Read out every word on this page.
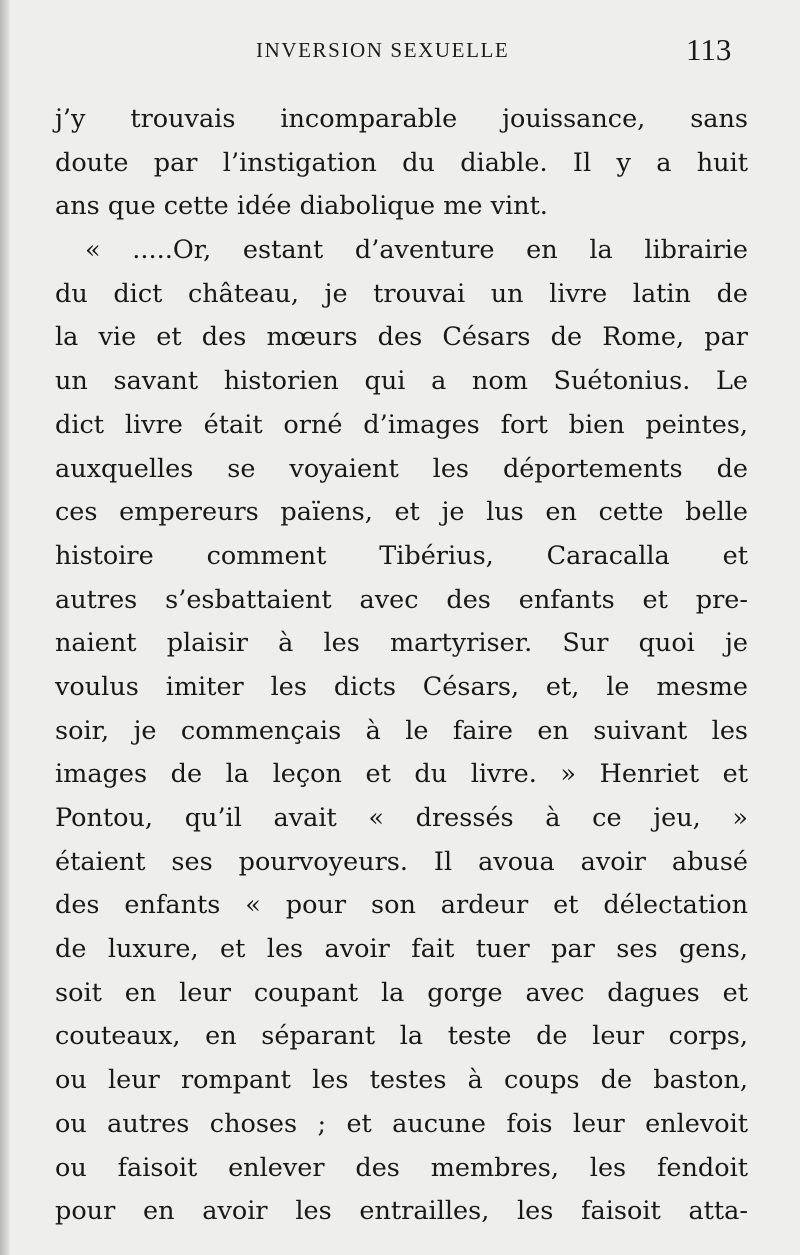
INVERSION SEXUELLE	113
j’y trouvais incomparable jouissance, sans
doute par l’instigation du diable. Il y a huit
ans que cette idée diabolique me vint.
« .....Or, estant d’aventure en la librairie
du dict château, je trouvai un livre latin de
la vie et des mœurs des Césars de Rome, par
un savant historien qui a nom Suétonius. Le
dict livre était orné d’images fort bien peintes,
auxquelles se voyaient les déportements de
ces empereurs païens, et je lus en cette belle
histoire comment Tibérius, Caracalla et
autres s’esbattaient avec des enfants et pre-
naient plaisir à les martyriser. Sur quoi je
voulus imiter les dicts Césars, et, le mesme
soir, je commençais à le faire en suivant les
images de la leçon et du livre. » Henriet et
Pontou, qu’il avait « dressés à ce jeu, »
étaient ses pourvoyeurs. Il avoua avoir abusé
des enfants « pour son ardeur et délectation
de luxure, et les avoir fait tuer par ses gens,
soit en leur coupant la gorge avec dagues et
couteaux, en séparant la teste de leur corps,
ou leur rompant les testes à coups de baston,
ou autres choses ; et aucune fois leur enlevoit
ou faisoit enlever des membres, les fendoit
pour en avoir les entrailles, les faisoit atta-
